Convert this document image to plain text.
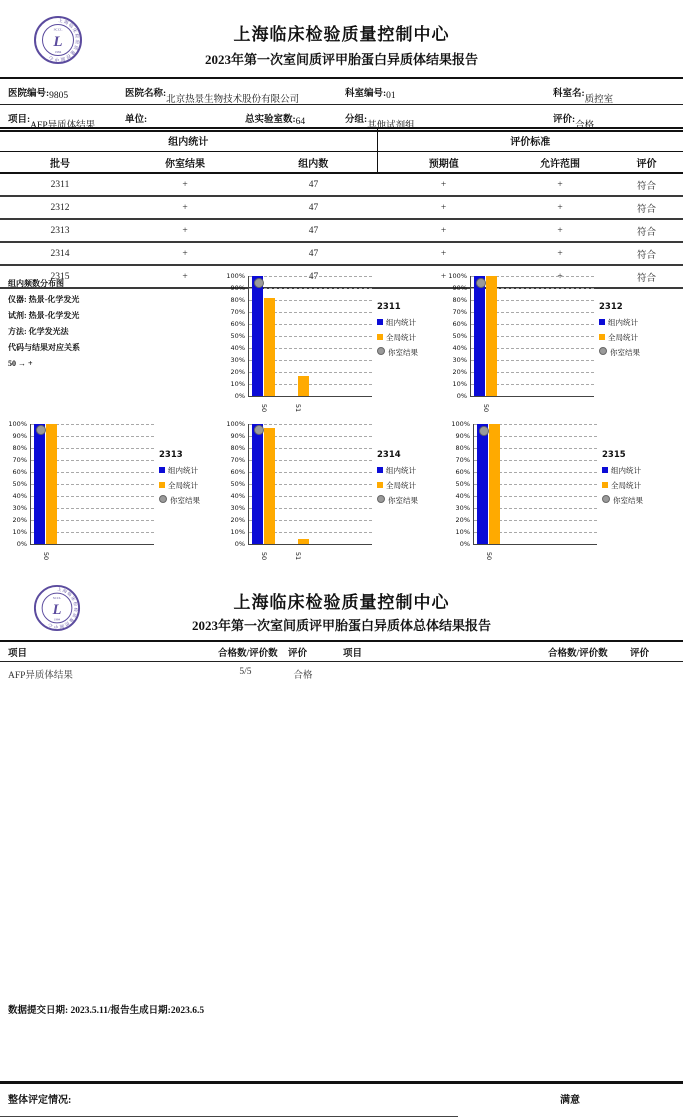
上海临床检验质量控制中心
SCCL
L
1984
上海临床检验质量控制中心
2023年第一次室间质评甲胎蛋白异质体结果报告
医院编号: 9805	医院名称:
北京热景生物技术股份有限公司
科室编号: 01	科室名:
质控室
项目:
AFP异质体结果
单位:	总实验室数: 64	分组:
其他试剂组
评价:
合格
组内统计			评价标准		
批号	你室结果	组内数	预期值	允许范围	评价
2311	+	47	+	+	符合
2312	+	47	+	+	符合
2313	+	47	+	+	符合
2314	+	47	+	+	符合
2315	+	47	+	+	符合
组内频数分布图
仪器: 热景-化学发光
试剂: 热景-化学发光
方法: 化学发光法
代码与结果对应关系
50 → +
0%
10%
20%
30%
40%
50%
60%
70%
80%
90%
100%
50	51
2311
组内统计
全局统计
你室结果
0%
10%
20%
30%
40%
50%
60%
70%
80%
90%
100%
50
2312
组内统计
全局统计
你室结果
0%
10%
20%
30%
40%
50%
60%
70%
80%
90%
100%
50
2313
组内统计
全局统计
你室结果
0%
10%
20%
30%
40%
50%
60%
70%
80%
90%
100%
50	51
2314
组内统计
全局统计
你室结果
0%
10%
20%
30%
40%
50%
60%
70%
80%
90%
100%
50
2315
组内统计
全局统计
你室结果
上海临床检验质量控制中心
SCCL
L
1984
上海临床检验质量控制中心
2023年第一次室间质评甲胎蛋白异质体总体结果报告
项目	合格数/评价数 评价	项目	合格数/评价数 评价
AFP异质体结果	5/5	合格
数据提交日期: 2023.5.11/报告生成日期:2023.6.5
整体评定情况:	满意
